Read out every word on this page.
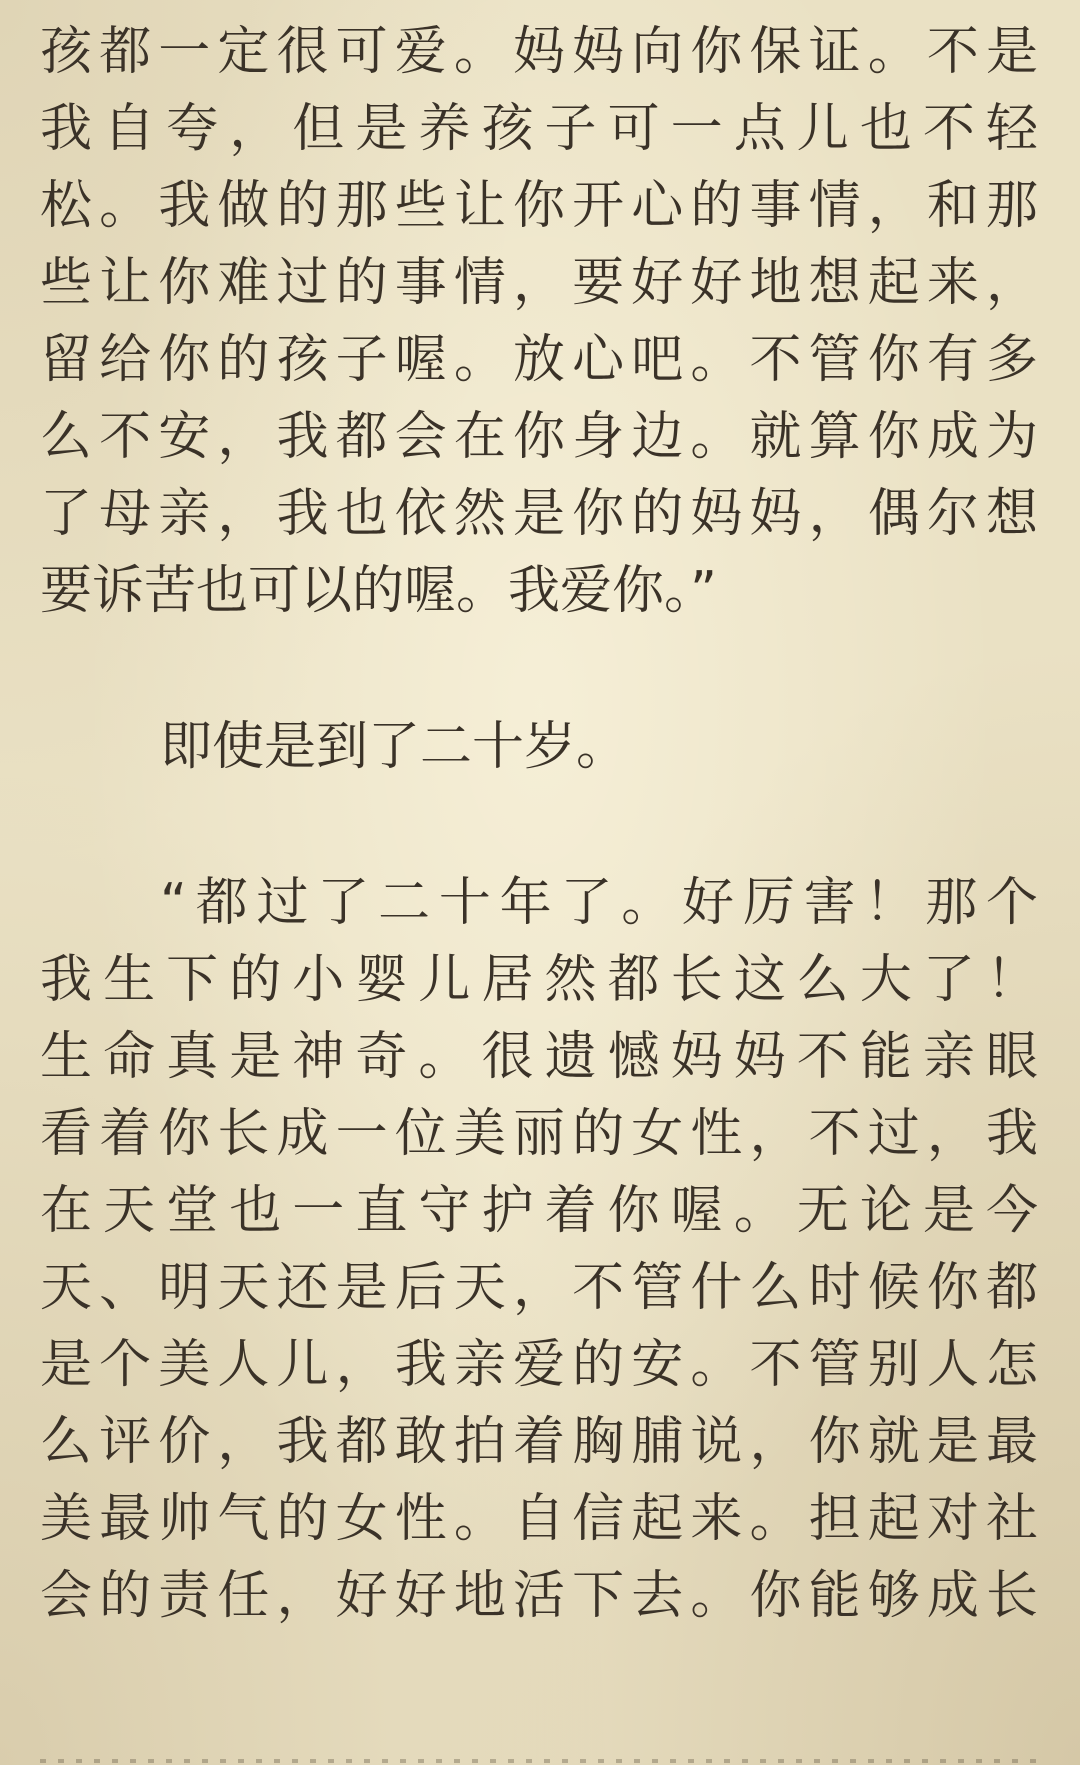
孩都一定很可爱。妈妈向你保证。不是
我自夸，但是养孩子可一点儿也不轻
松。我做的那些让你开心的事情，和那
些让你难过的事情，要好好地想起来，
留给你的孩子喔。放心吧。不管你有多
么不安，我都会在你身边。就算你成为
了母亲，我也依然是你的妈妈，偶尔想
要诉苦也可以的喔。我爱你。”
即使是到了二十岁。
“都过了二十年了。好厉害！那个
我生下的小婴儿居然都长这么大了！
生命真是神奇。很遗憾妈妈不能亲眼
看着你长成一位美丽的女性，不过，我
在天堂也一直守护着你喔。无论是今
天、明天还是后天，不管什么时候你都
是个美人儿，我亲爱的安。不管别人怎
么评价，我都敢拍着胸脯说，你就是最
美最帅气的女性。自信起来。担起对社
会的责任，好好地活下去。你能够成长
